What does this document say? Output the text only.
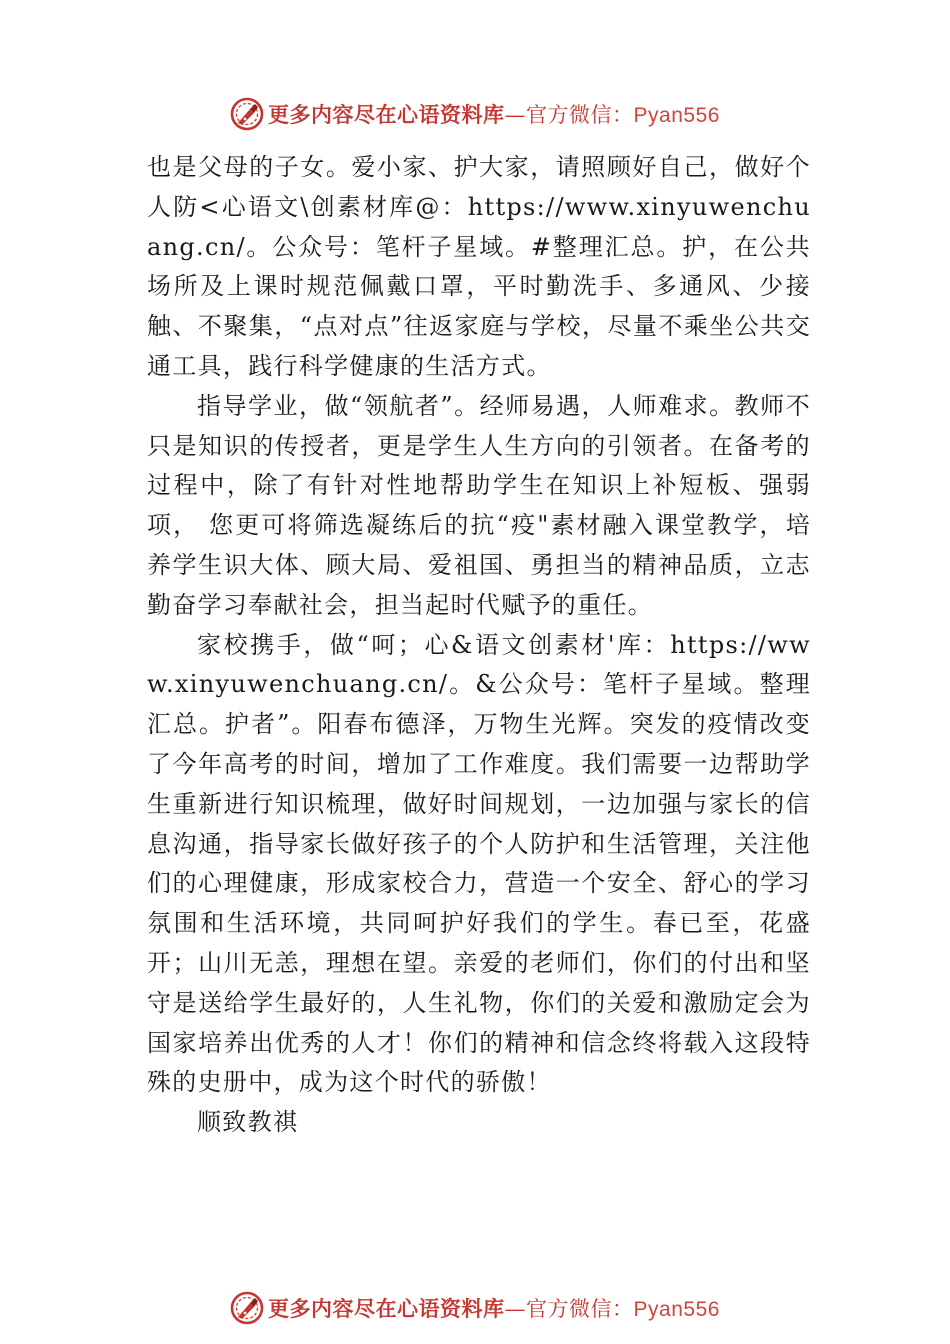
更多内容尽在心语资料库—官方微信：Pyan556

也是父母的子女。爱小家、护大家，请照顾好自己，做好个人防<心语文\创素材库@：https://www.xinyuwenchuang.cn/。公众号：笔杆子星域。#整理汇总。护，在公共场所及上课时规范佩戴口罩，平时勤洗手、多通风、少接触、不聚集，“点对点”往返家庭与学校，尽量不乘坐公共交通工具，践行科学健康的生活方式。

指导学业，做“领航者”。经师易遇，人师难求。教师不只是知识的传授者，更是学生人生方向的引领者。在备考的过程中，除了有针对性地帮助学生在知识上补短板、强弱项， 您更可将筛选凝练后的抗“疫"素材融入课堂教学，培养学生识大体、顾大局、爱祖国、勇担当的精神品质，立志勤奋学习奉献社会，担当起时代赋予的重任。

家校携手，做“呵；心&语文创素材'库：https://www.xinyuwenchuang.cn/。&公众号：笔杆子星域。整理汇总。护者”。阳春布德泽，万物生光辉。突发的疫情改变了今年高考的时间，增加了工作难度。我们需要一边帮助学生重新进行知识梳理，做好时间规划，一边加强与家长的信息沟通，指导家长做好孩子的个人防护和生活管理，关注他们的心理健康，形成家校合力，营造一个安全、舒心的学习氛围和生活环境，共同呵护好我们的学生。春已至，花盛开；山川无恙，理想在望。亲爱的老师们，你们的付出和坚守是送给学生最好的，人生礼物，你们的关爱和激励定会为国家培养出优秀的人才！你们的精神和信念终将载入这段特殊的史册中，成为这个时代的骄傲！

顺致教祺

更多内容尽在心语资料库—官方微信：Pyan556
